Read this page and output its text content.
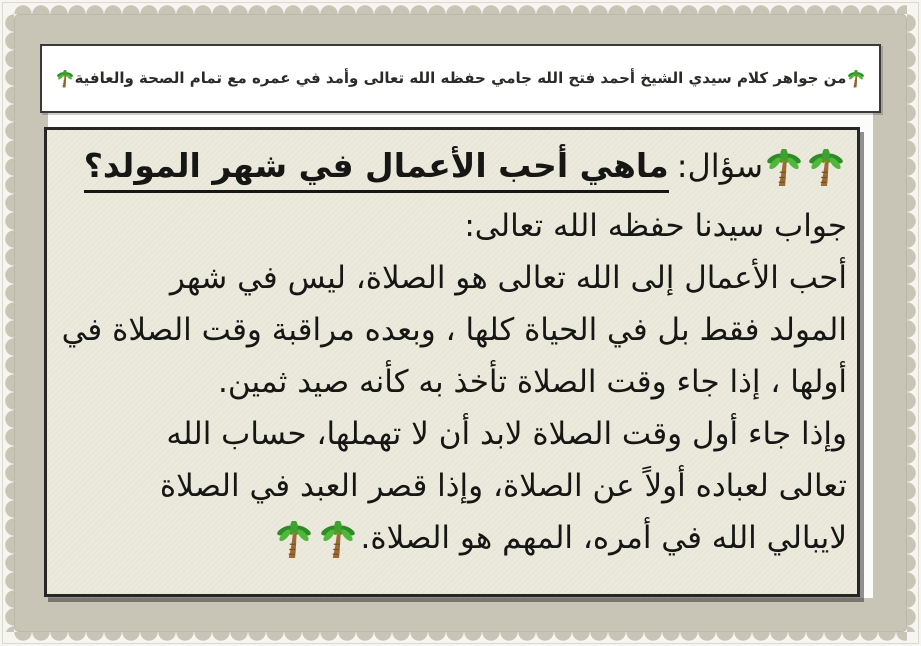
من جواهر كلام سيدي الشيخ أحمد فتح الله جامي حفظه الله تعالى وأمد في عمره مع تمام الصحة والعافية
سؤال:ماهي أحب الأعمال في شهر المولد؟
جواب سيدنا حفظه الله تعالى:
أحب الأعمال إلى الله تعالى هو الصلاة، ليس في شهر
المولد فقط بل في الحياة كلها ، وبعده مراقبة وقت الصلاة في
أولها ، إذا جاء وقت الصلاة تأخذ به كأنه صيد ثمين.
وإذا جاء أول وقت الصلاة لابد أن لا تهملها، حساب الله
تعالى لعباده أولاً عن الصلاة، وإذا قصر العبد في الصلاة
لايبالي الله في أمره، المهم هو الصلاة.
